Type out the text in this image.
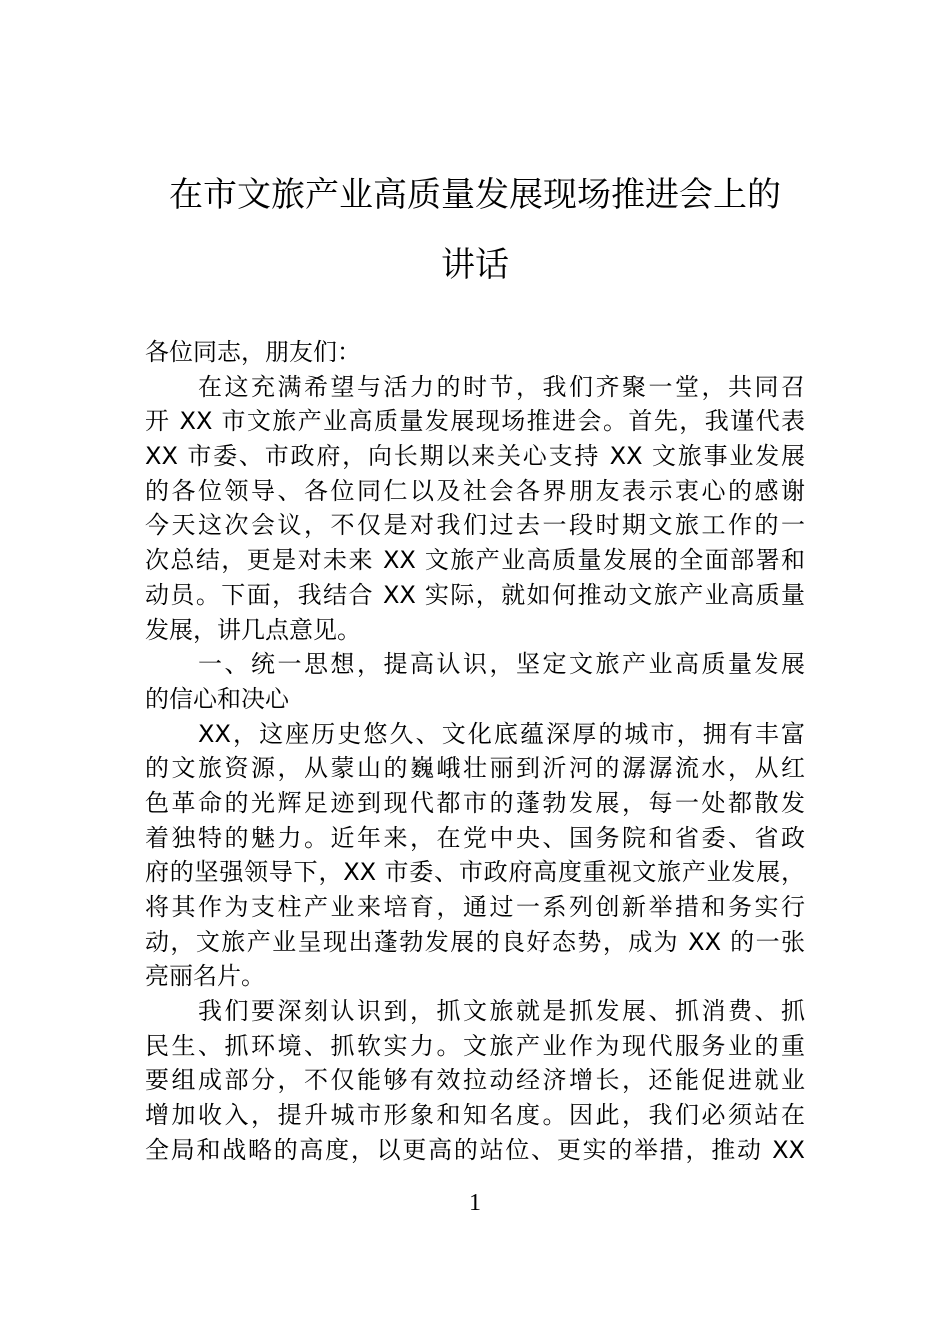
在市文旅产业高质量发展现场推进会上的
讲话
各位同志，朋友们：
在这充满希望与活力的时节，我们齐聚一堂，共同召
开 XX 市文旅产业高质量发展现场推进会。首先，我谨代表
XX 市委、市政府，向长期以来关心支持 XX 文旅事业发展
的各位领导、各位同仁以及社会各界朋友表示衷心的感谢
今天这次会议，不仅是对我们过去一段时期文旅工作的一
次总结，更是对未来 XX 文旅产业高质量发展的全面部署和
动员。下面，我结合 XX 实际，就如何推动文旅产业高质量
发展，讲几点意见。
一、统一思想，提高认识，坚定文旅产业高质量发展
的信心和决心
XX，这座历史悠久、文化底蕴深厚的城市，拥有丰富
的文旅资源，从蒙山的巍峨壮丽到沂河的潺潺流水，从红
色革命的光辉足迹到现代都市的蓬勃发展，每一处都散发
着独特的魅力。近年来，在党中央、国务院和省委、省政
府的坚强领导下，XX 市委、市政府高度重视文旅产业发展，
将其作为支柱产业来培育，通过一系列创新举措和务实行
动，文旅产业呈现出蓬勃发展的良好态势，成为 XX 的一张
亮丽名片。
我们要深刻认识到，抓文旅就是抓发展、抓消费、抓
民生、抓环境、抓软实力。文旅产业作为现代服务业的重
要组成部分，不仅能够有效拉动经济增长，还能促进就业
增加收入，提升城市形象和知名度。因此，我们必须站在
全局和战略的高度，以更高的站位、更实的举措，推动 XX
1
